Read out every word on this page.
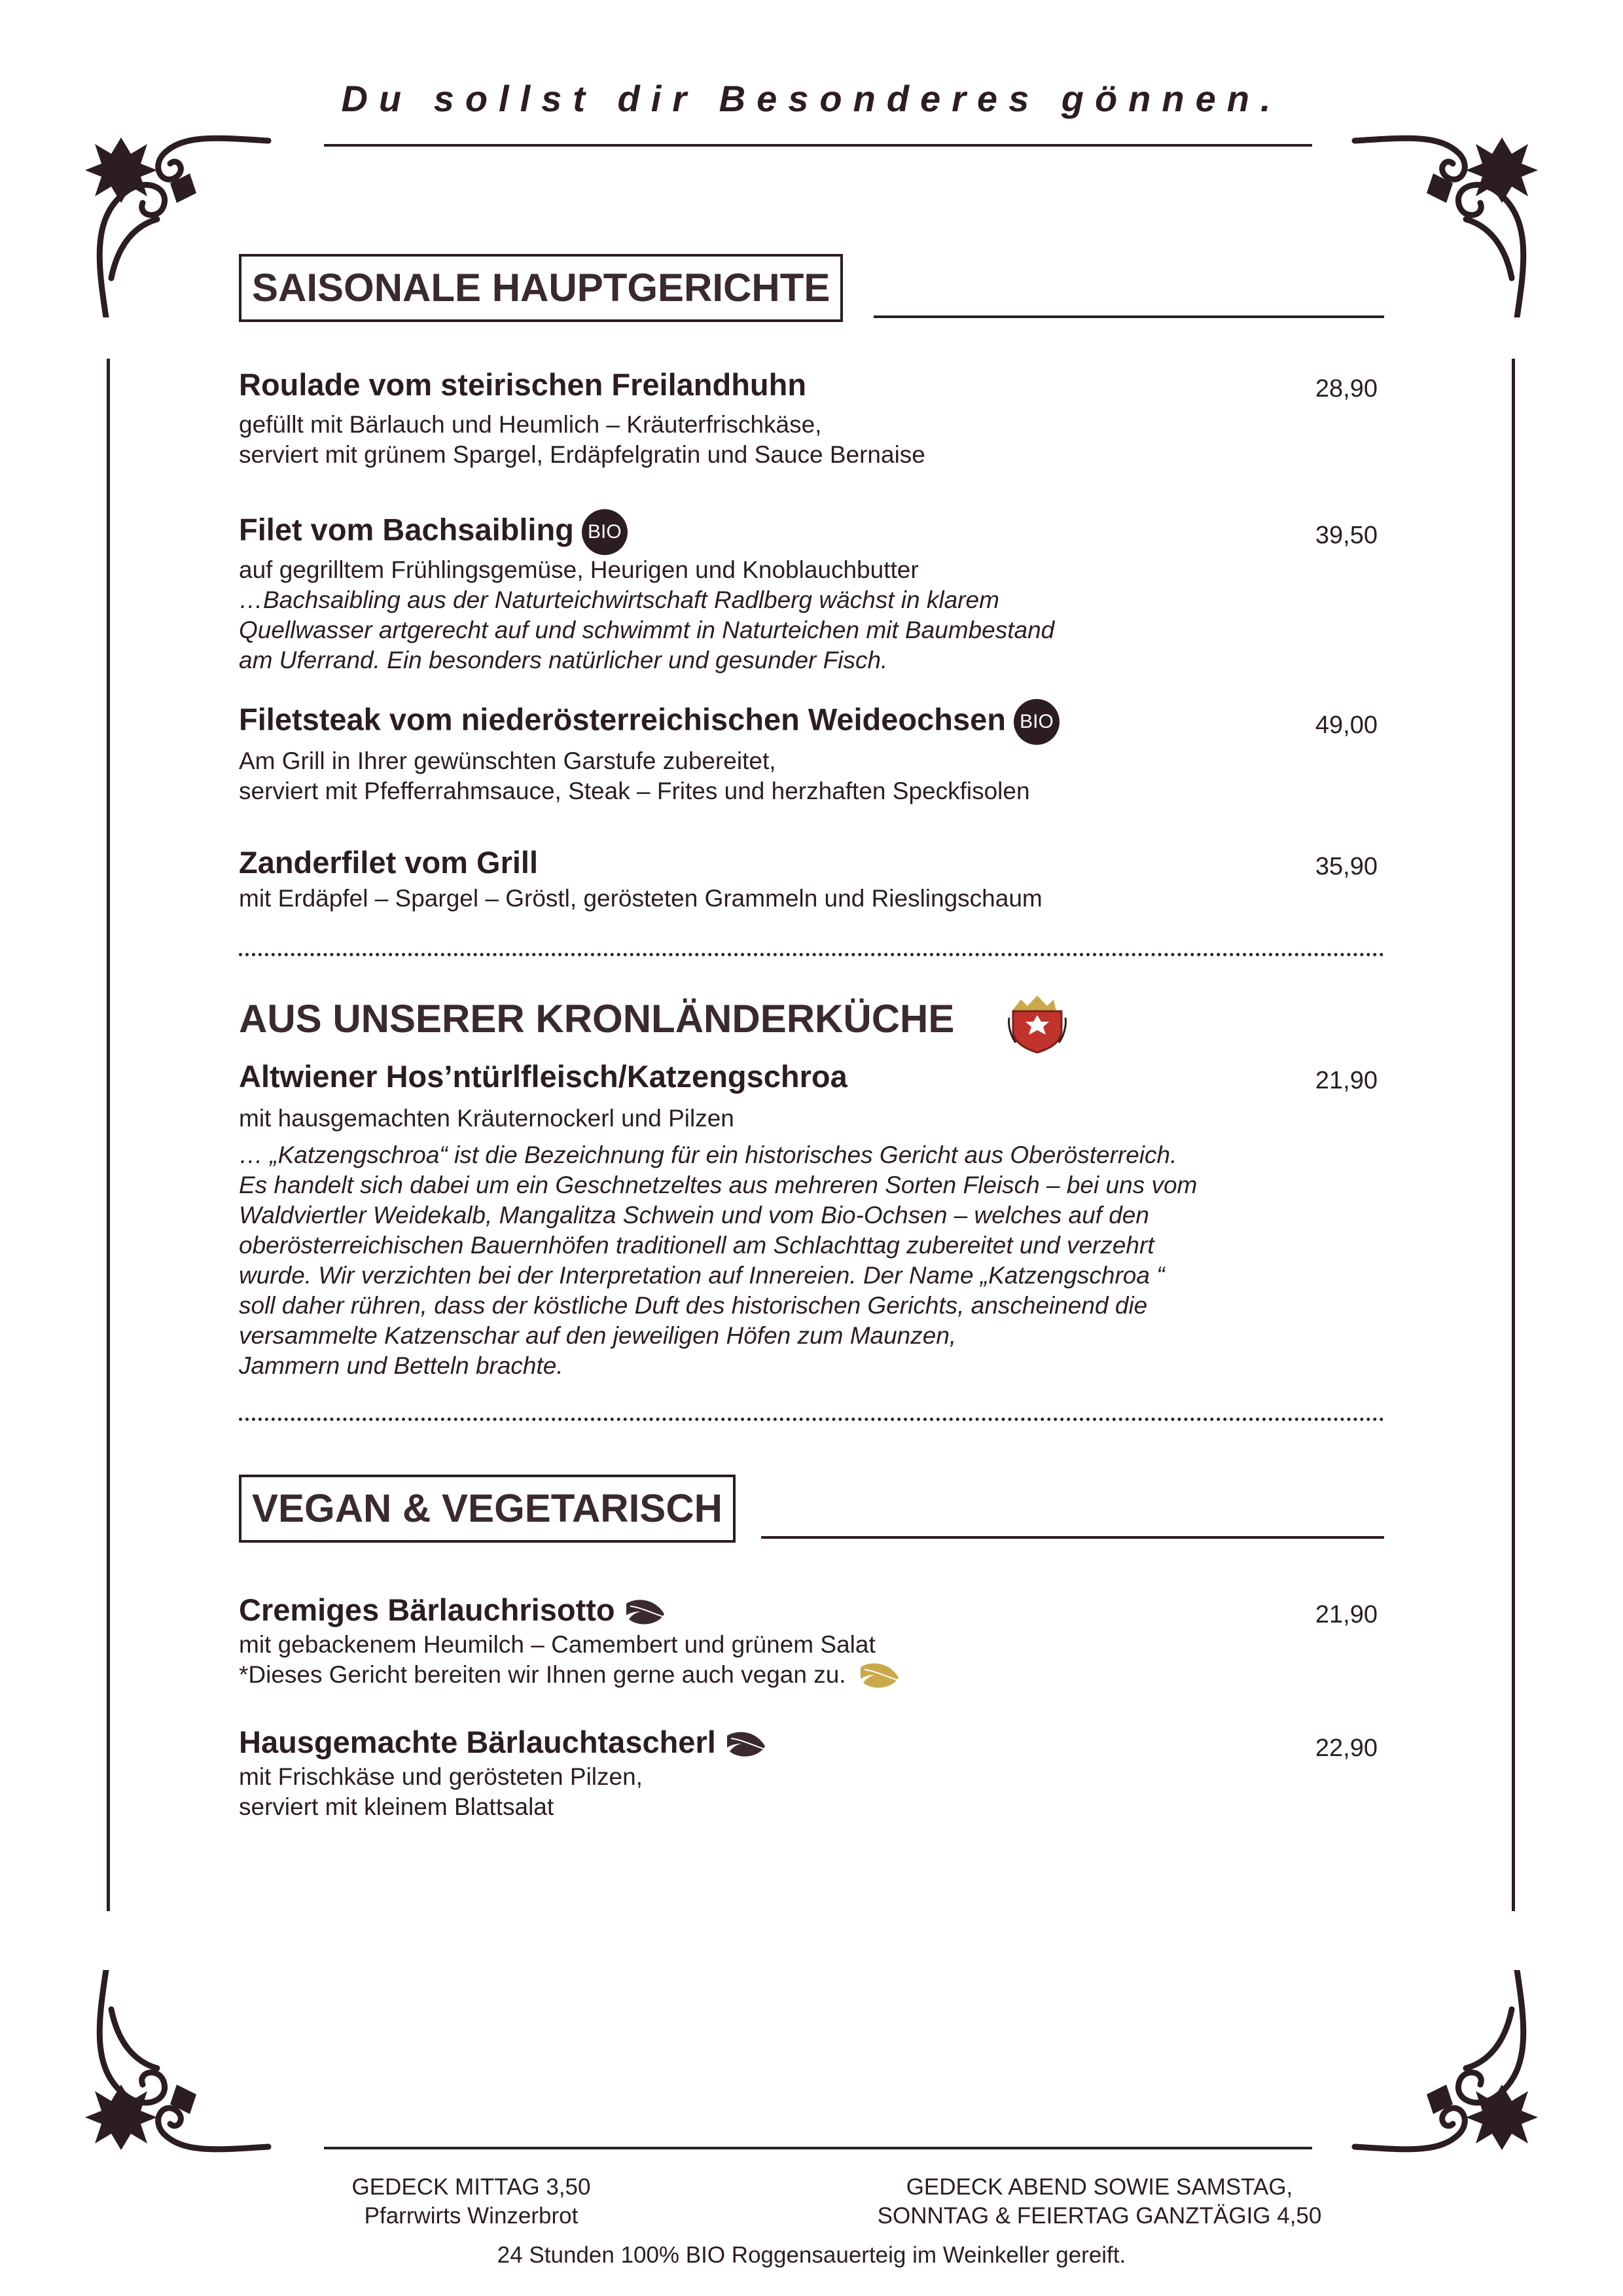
Du sollst dir Besonderes gönnen.
SAISONALE HAUPTGERICHTE
Roulade vom steirischen Freilandhuhn	28,90
gefüllt mit Bärlauch und Heumlich – Kräuterfrischkäse,
serviert mit grünem Spargel, Erdäpfelgratin und Sauce Bernaise
Filet vom Bachsaibling BIO	39,50
auf gegrilltem Frühlingsgemüse, Heurigen und Knoblauchbutter
…Bachsaibling aus der Naturteichwirtschaft Radlberg wächst in klarem
Quellwasser artgerecht auf und schwimmt in Naturteichen mit Baumbestand
am Uferrand. Ein besonders natürlicher und gesunder Fisch.
Filetsteak vom niederösterreichischen Weideochsen BIO	49,00
Am Grill in Ihrer gewünschten Garstufe zubereitet,
serviert mit Pfefferrahmsauce, Steak – Frites und herzhaften Speckfisolen
Zanderfilet vom Grill	35,90
mit Erdäpfel – Spargel – Gröstl, gerösteten Grammeln und Rieslingschaum
AUS UNSERER KRONLÄNDERKÜCHE
Altwiener Hos’ntürlfleisch/Katzengschroa	21,90
mit hausgemachten Kräuternockerl und Pilzen
… „Katzengschroa“ ist die Bezeichnung für ein historisches Gericht aus Oberösterreich.
Es handelt sich dabei um ein Geschnetzeltes aus mehreren Sorten Fleisch – bei uns vom
Waldviertler Weidekalb, Mangalitza Schwein und vom Bio-Ochsen – welches auf den
oberösterreichischen Bauernhöfen traditionell am Schlachttag zubereitet und verzehrt
wurde. Wir verzichten bei der Interpretation auf Innereien. Der Name „Katzengschroa “
soll daher rühren, dass der köstliche Duft des historischen Gerichts, anscheinend die
versammelte Katzenschar auf den jeweiligen Höfen zum Maunzen,
Jammern und Betteln brachte.
VEGAN & VEGETARISCH
Cremiges Bärlauchrisotto	21,90
mit gebackenem Heumilch – Camembert und grünem Salat
*Dieses Gericht bereiten wir Ihnen gerne auch vegan zu.
Hausgemachte Bärlauchtascherl	22,90
mit Frischkäse und gerösteten Pilzen,
serviert mit kleinem Blattsalat
GEDECK MITTAG 3,50
Pfarrwirts Winzerbrot
GEDECK ABEND SOWIE SAMSTAG,
SONNTAG & FEIERTAG GANZTÄGIG 4,50
24 Stunden 100% BIO Roggensauerteig im Weinkeller gereift.
